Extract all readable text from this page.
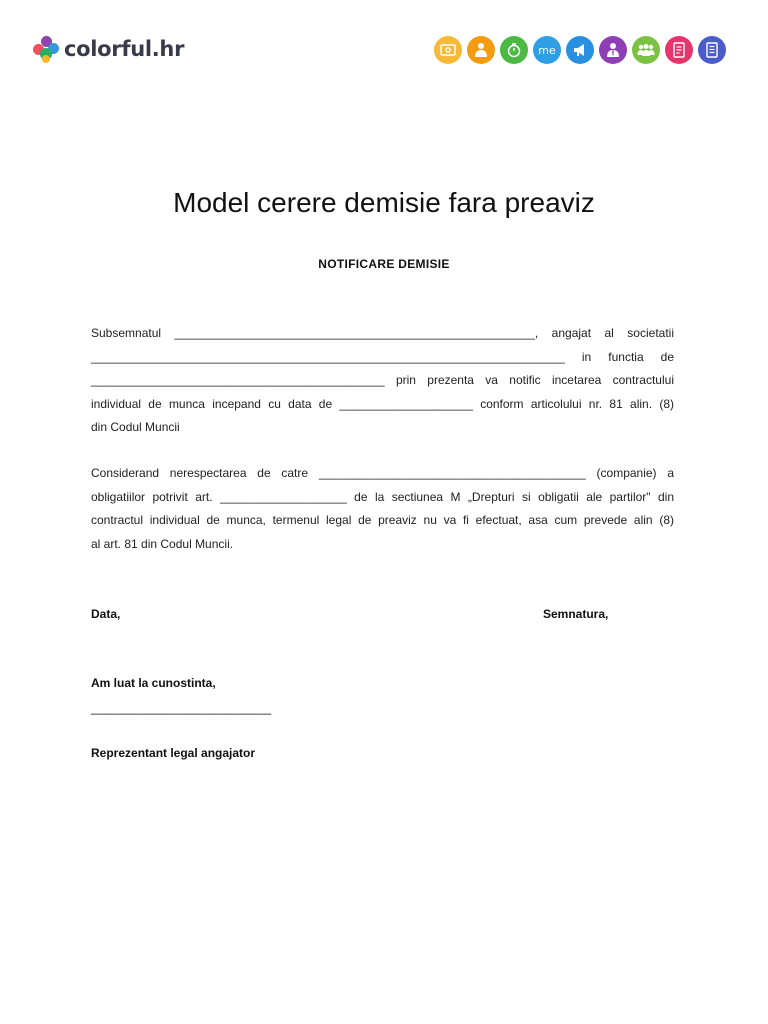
colorful.hr	me
Model cerere demisie fara preaviz
NOTIFICARE DEMISIE
Subsemnatul ______________________________________________________, angajat al societatii
_______________________________________________________________________ in functia de
____________________________________________ prin prezenta va notific incetarea contractului
individual de munca incepand cu data de ____________________ conform articolului nr. 81 alin. (8)
din Codul Muncii
Considerand nerespectarea de catre ________________________________________ (companie) a
obligatiilor potrivit art. ___________________ de la sectiunea M „Drepturi si obligatii ale partilor" din
contractul individual de munca, termenul legal de preaviz nu va fi efectuat, asa cum prevede alin (8)
al art. 81 din Codul Muncii.
Data,	Semnatura,
Am luat la cunostinta,
___________________________
Reprezentant legal angajator
